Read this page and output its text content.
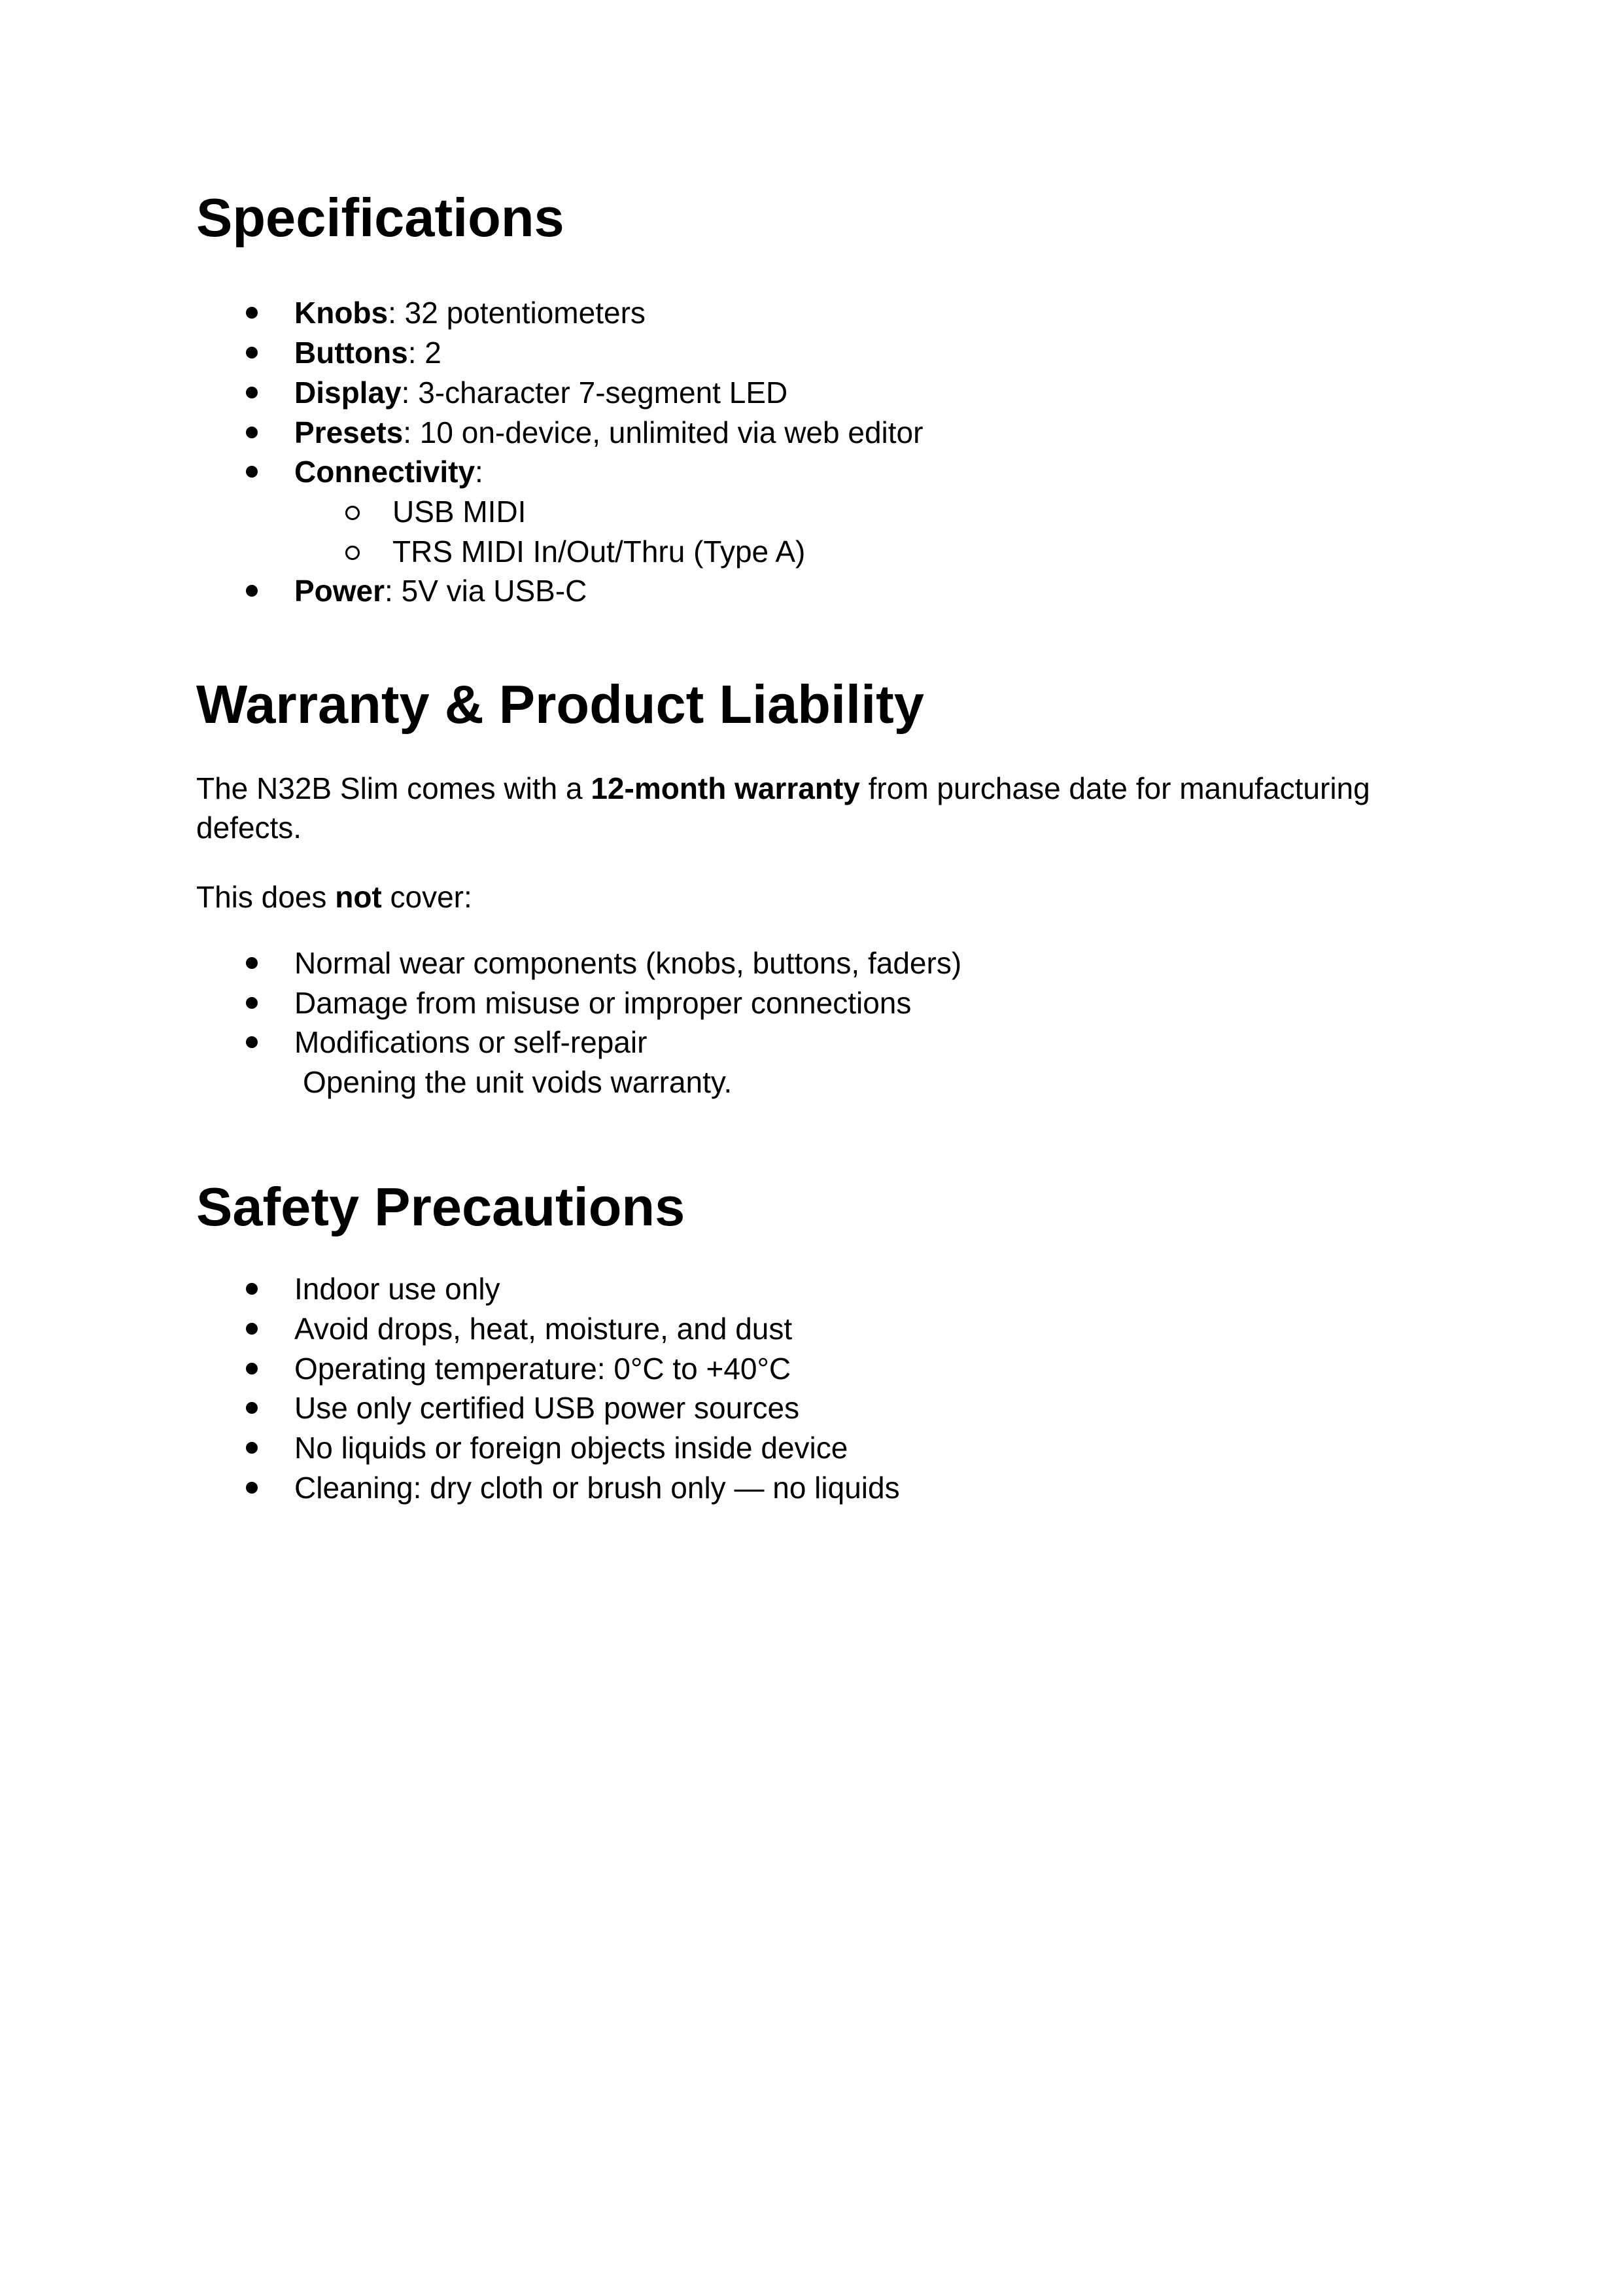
Specifications
Knobs: 32 potentiometers
Buttons: 2
Display: 3-character 7-segment LED
Presets: 10 on-device, unlimited via web editor
Connectivity:
USB MIDI
TRS MIDI In/Out/Thru (Type A)
Power: 5V via USB-C
Warranty & Product Liability

The N32B Slim comes with a 12-month warranty from purchase date for manufacturing defects.

This does not cover:

Normal wear components (knobs, buttons, faders)
Damage from misuse or improper connections
Modifications or self-repair
Opening the unit voids warranty.
Safety Precautions
Indoor use only
Avoid drops, heat, moisture, and dust
Operating temperature: 0°C to +40°C
Use only certified USB power sources
No liquids or foreign objects inside device
Cleaning: dry cloth or brush only — no liquids
